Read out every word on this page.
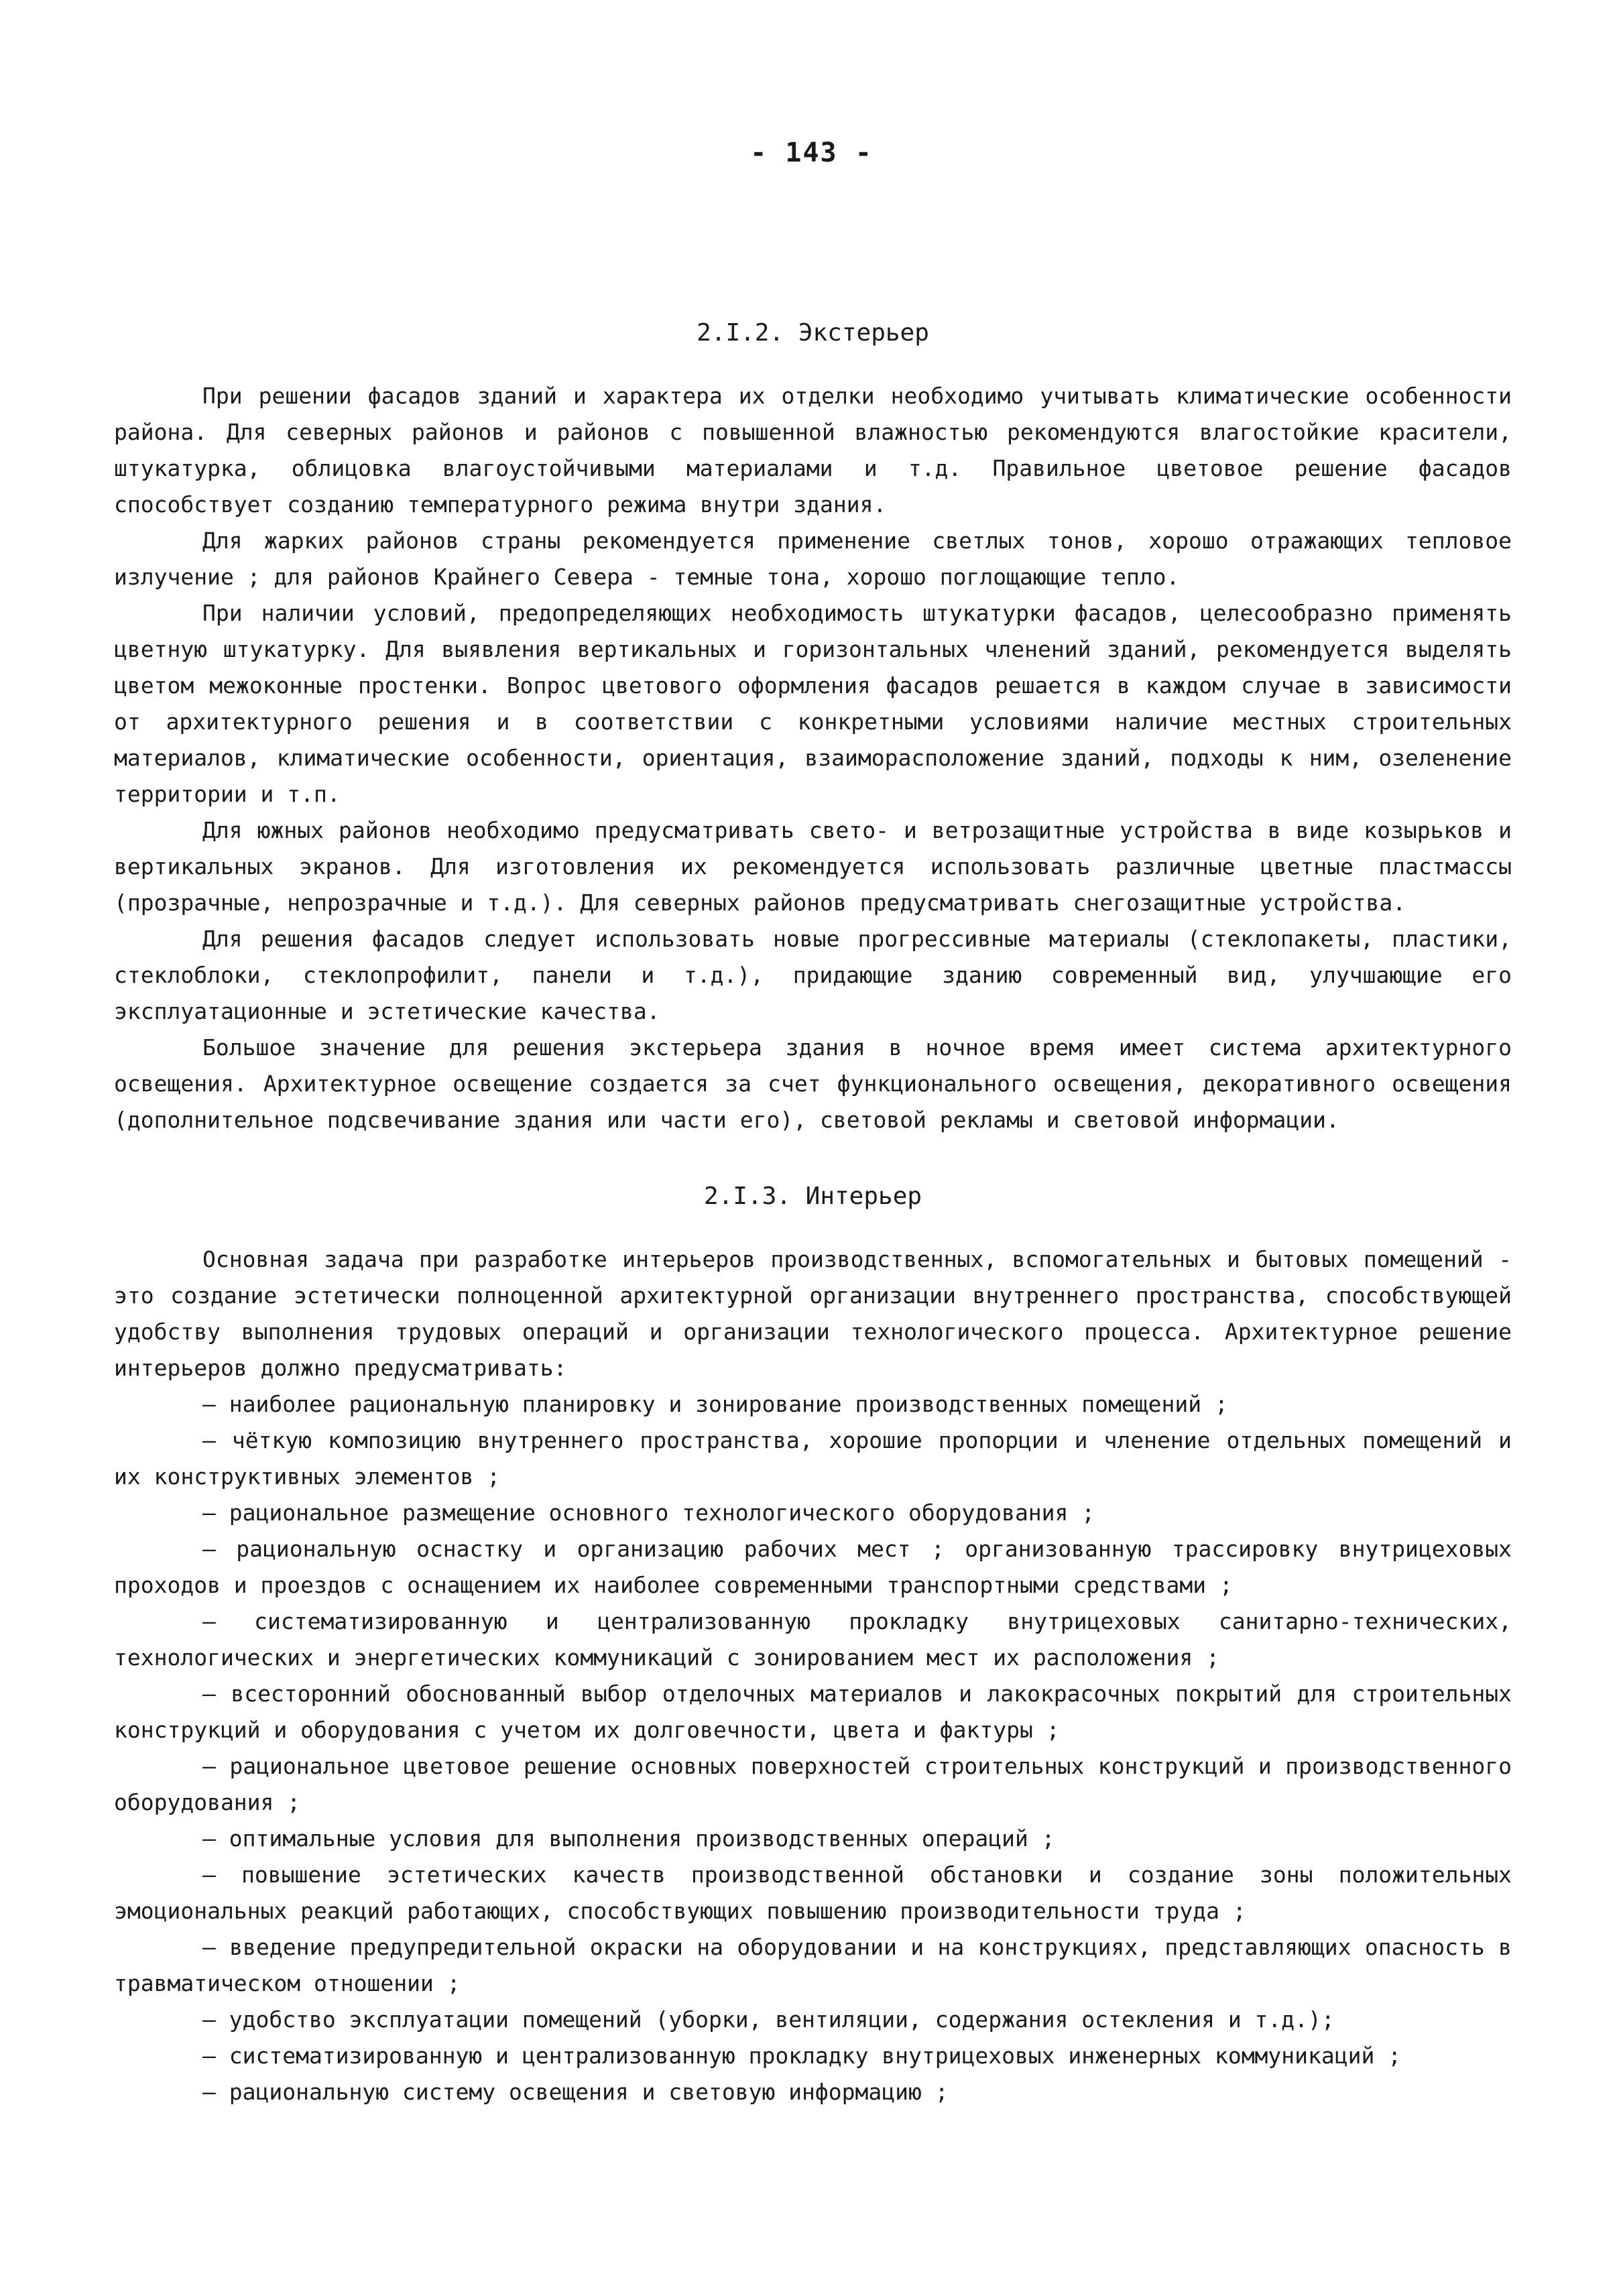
- 143 -
2.I.2. Экстерьер

При решении фасадов зданий и характера их отделки необходимо учитывать климатические особенности района. Для северных районов и районов с повышенной влажностью рекомендуются влагостойкие красители, штукатурка, облицовка влагоустойчивыми материалами и т.д. Правильное цветовое решение фасадов способствует созданию температурного режима внутри здания.

Для жарких районов страны рекомендуется применение светлых тонов, хорошо отражающих тепловое излучение ; для районов Крайнего Севера - темные тона, хорошо поглощающие тепло.

При наличии условий, предопределяющих необходимость штукатурки фасадов, целесообразно применять цветную штукатурку. Для выявления вертикальных и горизонтальных членений зданий, рекомендуется выделять цветом межоконные простенки. Вопрос цветового оформления фасадов решается в каждом случае в зависимости от архитектурного решения и в соответствии с конкретными условиями наличие местных строительных материалов, климатические особенности, ориентация, взаиморасположение зданий, подходы к ним, озеленение территории и т.п.

Для южных районов необходимо предусматривать свето- и ветрозащитные устройства в виде козырьков и вертикальных экранов. Для изготовления их рекомендуется использовать различные цветные пластмассы (прозрачные, непрозрачные и т.д.). Для северных районов предусматривать снегозащитные устройства.

Для решения фасадов следует использовать новые прогрессивные материалы (стеклопакеты, пластики, стеклоблоки, стеклопрофилит, панели и т.д.), придающие зданию современный вид, улучшающие его эксплуатационные и эстетические качества.

Большое значение для решения экстерьера здания в ночное время имеет система архитектурного освещения. Архитектурное освещение создается за счет функционального освещения, декоративного освещения (дополнительное подсвечивание здания или части его), световой рекламы и световой информации.

2.I.3. Интерьер

Основная задача при разработке интерьеров производственных, вспомогательных и бытовых помещений - это создание эстетически полноценной архитектурной организации внутреннего пространства, способствующей удобству выполнения трудовых операций и организации технологического процесса. Архитектурное решение интерьеров должно предусматривать:

– наиболее рациональную планировку и зонирование производственных помещений ;
– чёткую композицию внутреннего пространства, хорошие пропорции и членение отдельных помещений и их конструктивных элементов ;
– рациональное размещение основного технологического оборудования ;
– рациональную оснастку и организацию рабочих мест ; организованную трассировку внутрицеховых проходов и проездов с оснащением их наиболее современными транспортными средствами ;
– систематизированную и централизованную прокладку внутрицеховых санитарно-технических, технологических и энергетических коммуникаций с зонированием мест их расположения ;
– всесторонний обоснованный выбор отделочных материалов и лакокрасочных покрытий для строительных конструкций и оборудования с учетом их долговечности, цвета и фактуры ;
– рациональное цветовое решение основных поверхностей строительных конструкций и производственного оборудования ;
– оптимальные условия для выполнения производственных операций ;
– повышение эстетических качеств производственной обстановки и создание зоны положительных эмоциональных реакций работающих, способствующих повышению производительности труда ;
– введение предупредительной окраски на оборудовании и на конструкциях, представляющих опасность в травматическом отношении ;
– удобство эксплуатации помещений (уборки, вентиляции, содержания остекления и т.д.);
– систематизированную и централизованную прокладку внутрицеховых инженерных коммуникаций ;
– рациональную систему освещения и световую информацию ;
